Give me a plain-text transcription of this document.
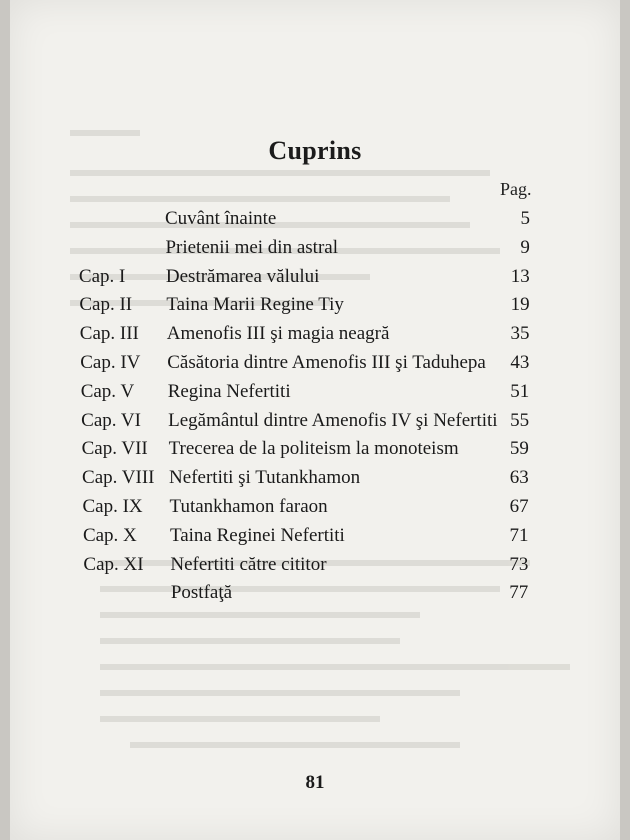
Cuprins
Pag.
Cuvânt înainte	5
Prietenii mei din astral	9
Cap. I Destrămarea vălului	13
Cap. II Taina Marii Regine Tiy	19
Cap. III Amenofis III şi magia neagră	35
Cap. IV Căsătoria dintre Amenofis III şi Taduhepa 43
Cap. V Regina Nefertiti	51
Cap. VI Legământul dintre Amenofis IV şi Nefertiti 55
Cap. VII Trecerea de la politeism la monoteism	59
Cap. VIII Nefertiti şi Tutankhamon	63
Cap. IX Tutankhamon faraon	67
Cap. X Taina Reginei Nefertiti	71
Cap. XI Nefertiti către cititor	73
Postfaţă	77
81
